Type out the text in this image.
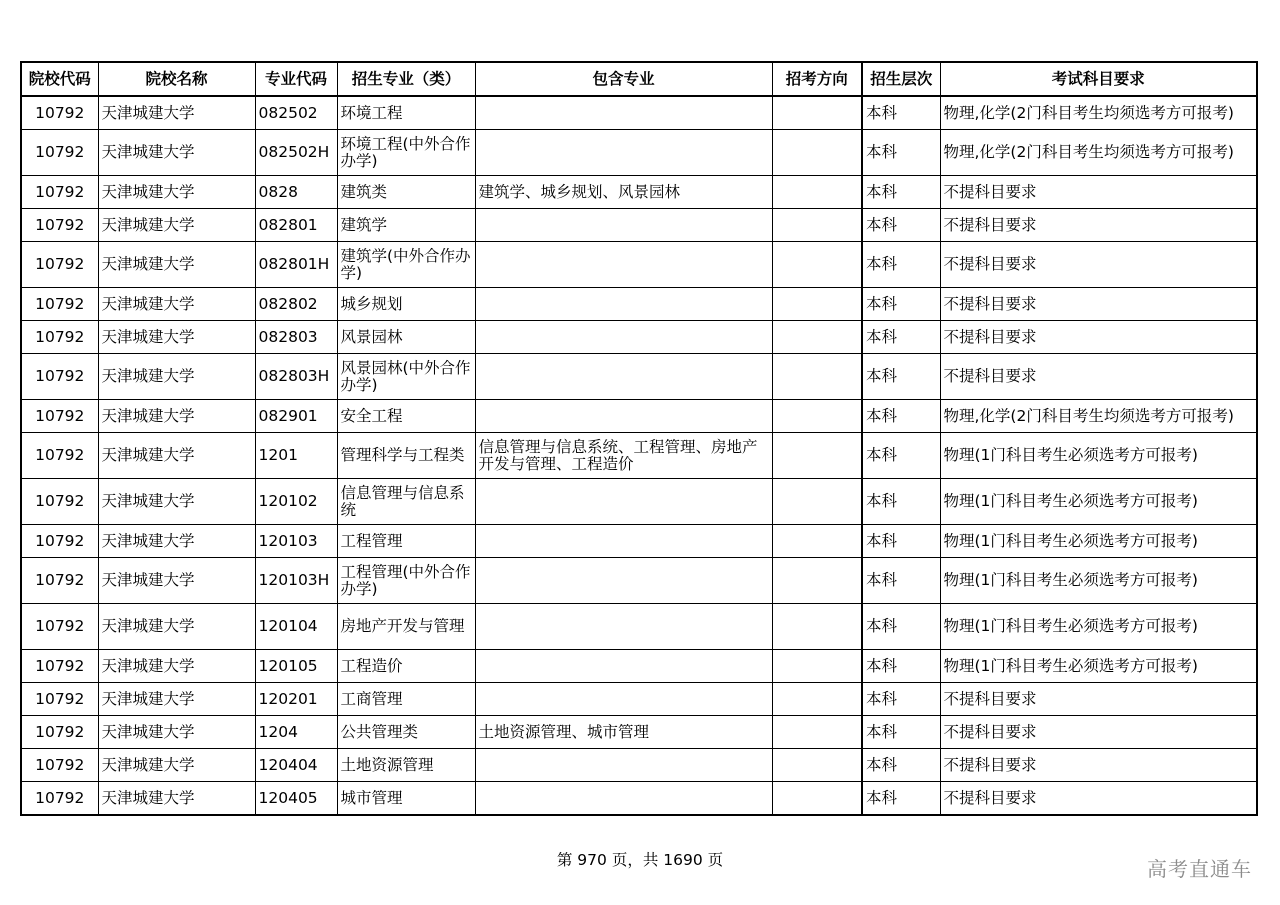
院校代码	院校名称	专业代码	招生专业（类）	包含专业	招考方向	招生层次	考试科目要求
10792	天津城建大学	082502	环境工程			本科	物理,化学(2门科目考生均须选考方可报考)
10792	天津城建大学	082502H	环境工程(中外合作办学)			本科	物理,化学(2门科目考生均须选考方可报考)
10792	天津城建大学	0828	建筑类	建筑学、城乡规划、风景园林		本科	不提科目要求
10792	天津城建大学	082801	建筑学			本科	不提科目要求
10792	天津城建大学	082801H	建筑学(中外合作办学)			本科	不提科目要求
10792	天津城建大学	082802	城乡规划			本科	不提科目要求
10792	天津城建大学	082803	风景园林			本科	不提科目要求
10792	天津城建大学	082803H	风景园林(中外合作办学)			本科	不提科目要求
10792	天津城建大学	082901	安全工程			本科	物理,化学(2门科目考生均须选考方可报考)
10792	天津城建大学	1201	管理科学与工程类	信息管理与信息系统、工程管理、房地产开发与管理、工程造价		本科	物理(1门科目考生必须选考方可报考)
10792	天津城建大学	120102	信息管理与信息系统			本科	物理(1门科目考生必须选考方可报考)
10792	天津城建大学	120103	工程管理			本科	物理(1门科目考生必须选考方可报考)
10792	天津城建大学	120103H	工程管理(中外合作办学)			本科	物理(1门科目考生必须选考方可报考)
10792	天津城建大学	120104	房地产开发与管理			本科	物理(1门科目考生必须选考方可报考)
10792	天津城建大学	120105	工程造价			本科	物理(1门科目考生必须选考方可报考)
10792	天津城建大学	120201	工商管理			本科	不提科目要求
10792	天津城建大学	1204	公共管理类	土地资源管理、城市管理		本科	不提科目要求
10792	天津城建大学	120404	土地资源管理			本科	不提科目要求
10792	天津城建大学	120405	城市管理			本科	不提科目要求
第 970 页，共 1690 页	高考直通车
